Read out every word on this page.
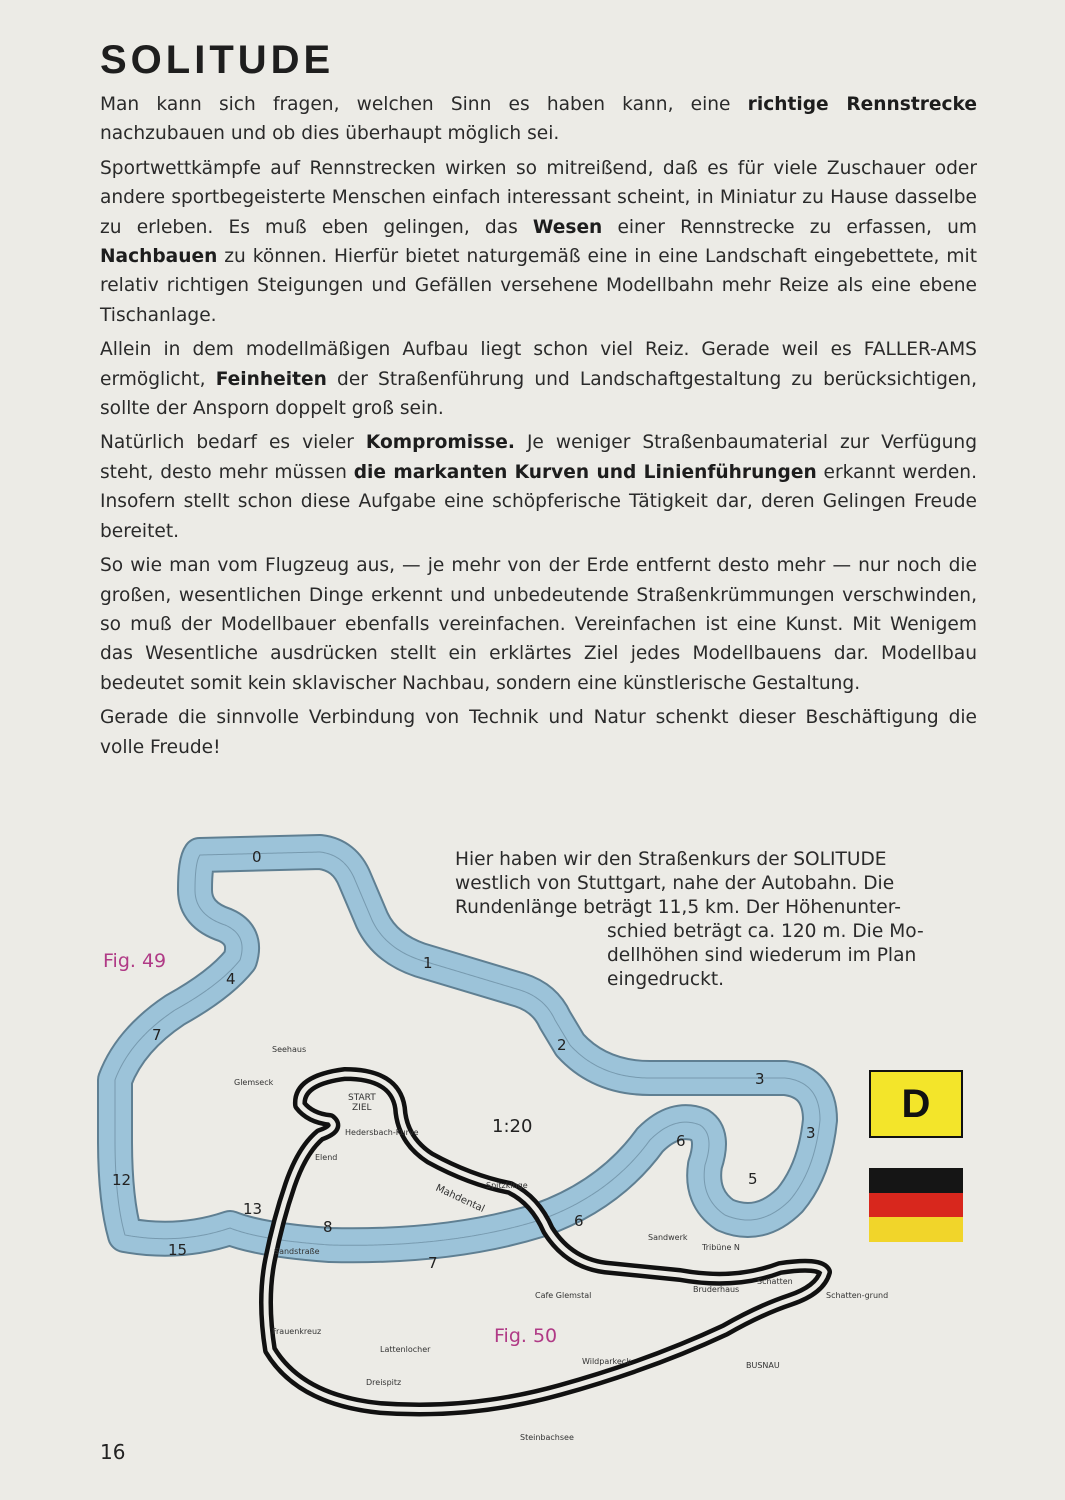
SOLITUDE

Man kann sich fragen, welchen Sinn es haben kann, eine richtige Rennstrecke nachzubauen und ob dies überhaupt möglich sei.

Sportwettkämpfe auf Rennstrecken wirken so mitreißend, daß es für viele Zuschauer oder andere sportbegeisterte Menschen einfach interessant scheint, in Miniatur zu Hause dasselbe zu erleben. Es muß eben gelingen, das Wesen einer Rennstrecke zu erfassen, um Nachbauen zu können. Hierfür bietet naturgemäß eine in eine Landschaft eingebettete, mit relativ richtigen Steigungen und Gefällen versehene Modellbahn mehr Reize als eine ebene Tischanlage.

Allein in dem modellmäßigen Aufbau liegt schon viel Reiz. Gerade weil es FALLER-AMS ermöglicht, Feinheiten der Straßenführung und Landschaftgestaltung zu berücksichtigen, sollte der Ansporn doppelt groß sein.

Natürlich bedarf es vieler Kompromisse. Je weniger Straßenbaumaterial zur Verfügung steht, desto mehr müssen die markanten Kurven und Linienführungen erkannt werden. Insofern stellt schon diese Aufgabe eine schöpferische Tätigkeit dar, deren Gelingen Freude bereitet.

So wie man vom Flugzeug aus, — je mehr von der Erde entfernt desto mehr — nur noch die großen, wesentlichen Dinge erkennt und unbedeutende Straßenkrümmungen verschwinden, so muß der Modellbauer ebenfalls vereinfachen. Vereinfachen ist eine Kunst. Mit Wenigem das Wesentliche ausdrücken stellt ein erklärtes Ziel jedes Modellbauens dar. Modellbau bedeutet somit kein sklavischer Nachbau, sondern eine künstlerische Gestaltung.

Gerade die sinnvolle Verbindung von Technik und Natur schenkt dieser Beschäftigung die volle Freude!

0
1
2
3
3
4
5
6
6
7
7
8
12
13
15
Seehaus
Glemseck
START
ZIEL
Hedersbach-Kurve
Elend
Mahdental Spitzkinge
Sandstraße
Sandwerk
Tribüne N
Schatten
Schatten-grund
Bruderhaus
Cafe Glemstal
Frauenkreuz
Lattenlocher
Wildparkeck	BUSNAU
Dreispitz
Steinbachsee
Hier haben wir den Straßenkurs der SOLITUDE
westlich von Stuttgart, nahe der Autobahn. Die
Rundenlänge beträgt 11,5 km. Der Höhenunter-
schied beträgt ca. 120 m. Die Mo-
dellhöhen sind wiederum im Plan
eingedruckt.
Fig. 49
Fig. 50
1:20
D
16
